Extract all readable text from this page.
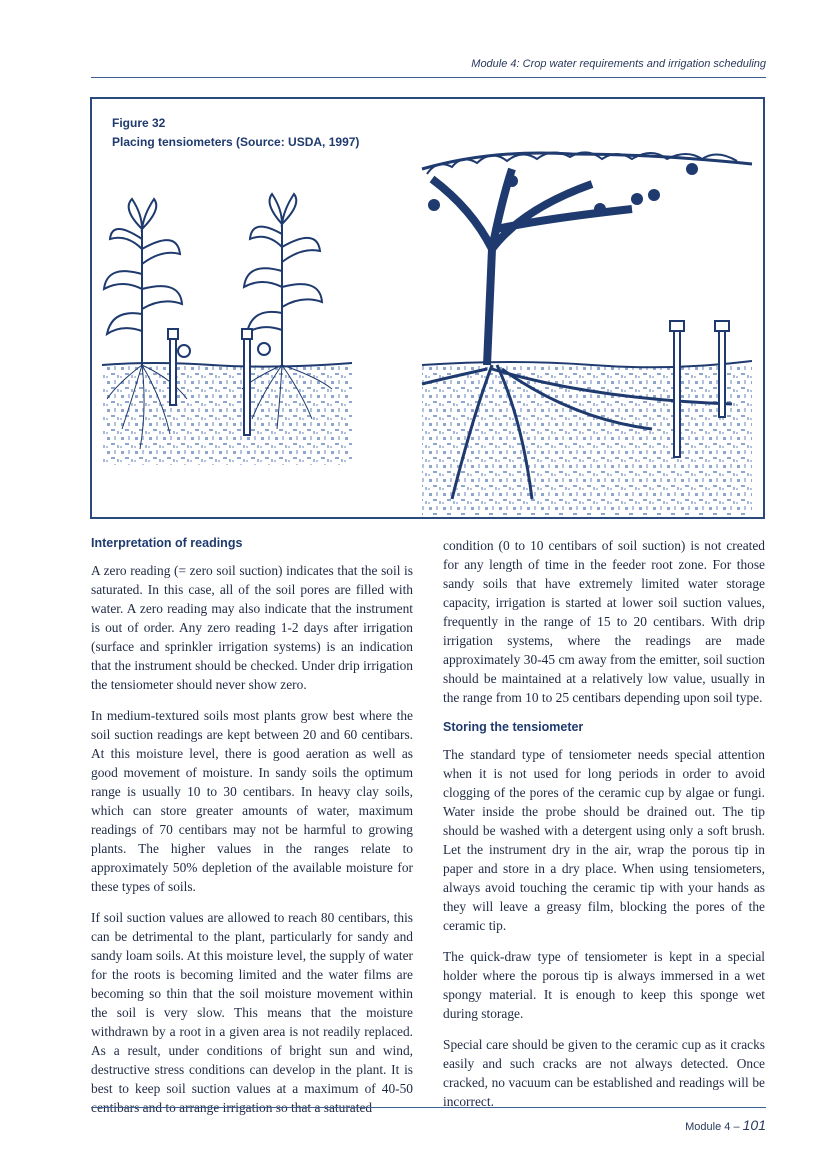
Module 4: Crop water requirements and irrigation scheduling
Figure 32
Placing tensiometers (Source: USDA, 1997)
Interpretation of readings

A zero reading (= zero soil suction) indicates that the soil is saturated. In this case, all of the soil pores are filled with water. A zero reading may also indicate that the instrument is out of order. Any zero reading 1-2 days after irrigation (surface and sprinkler irrigation systems) is an indication that the instrument should be checked. Under drip irrigation the tensiometer should never show zero.

In medium-textured soils most plants grow best where the soil suction readings are kept between 20 and 60 centibars. At this moisture level, there is good aeration as well as good movement of moisture. In sandy soils the optimum range is usually 10 to 30 centibars. In heavy clay soils, which can store greater amounts of water, maximum readings of 70 centibars may not be harmful to growing plants. The higher values in the ranges relate to approximately 50% depletion of the available moisture for these types of soils.

If soil suction values are allowed to reach 80 centibars, this can be detrimental to the plant, particularly for sandy and sandy loam soils. At this moisture level, the supply of water for the roots is becoming limited and the water films are becoming so thin that the soil moisture movement within the soil is very slow. This means that the moisture withdrawn by a root in a given area is not readily replaced. As a result, under conditions of bright sun and wind, destructive stress conditions can develop in the plant. It is best to keep soil suction values at a maximum of 40-50 centibars and to arrange irrigation so that a saturated

condition (0 to 10 centibars of soil suction) is not created for any length of time in the feeder root zone. For those sandy soils that have extremely limited water storage capacity, irrigation is started at lower soil suction values, frequently in the range of 15 to 20 centibars. With drip irrigation systems, where the readings are made approximately 30-45 cm away from the emitter, soil suction should be maintained at a relatively low value, usually in the range from 10 to 25 centibars depending upon soil type.

Storing the tensiometer

The standard type of tensiometer needs special attention when it is not used for long periods in order to avoid clogging of the pores of the ceramic cup by algae or fungi. Water inside the probe should be drained out. The tip should be washed with a detergent using only a soft brush. Let the instrument dry in the air, wrap the porous tip in paper and store in a dry place. When using tensiometers, always avoid touching the ceramic tip with your hands as they will leave a greasy film, blocking the pores of the ceramic tip.

The quick-draw type of tensiometer is kept in a special holder where the porous tip is always immersed in a wet spongy material. It is enough to keep this sponge wet during storage.

Special care should be given to the ceramic cup as it cracks easily and such cracks are not always detected. Once cracked, no vacuum can be established and readings will be incorrect.

Module 4 – 101
